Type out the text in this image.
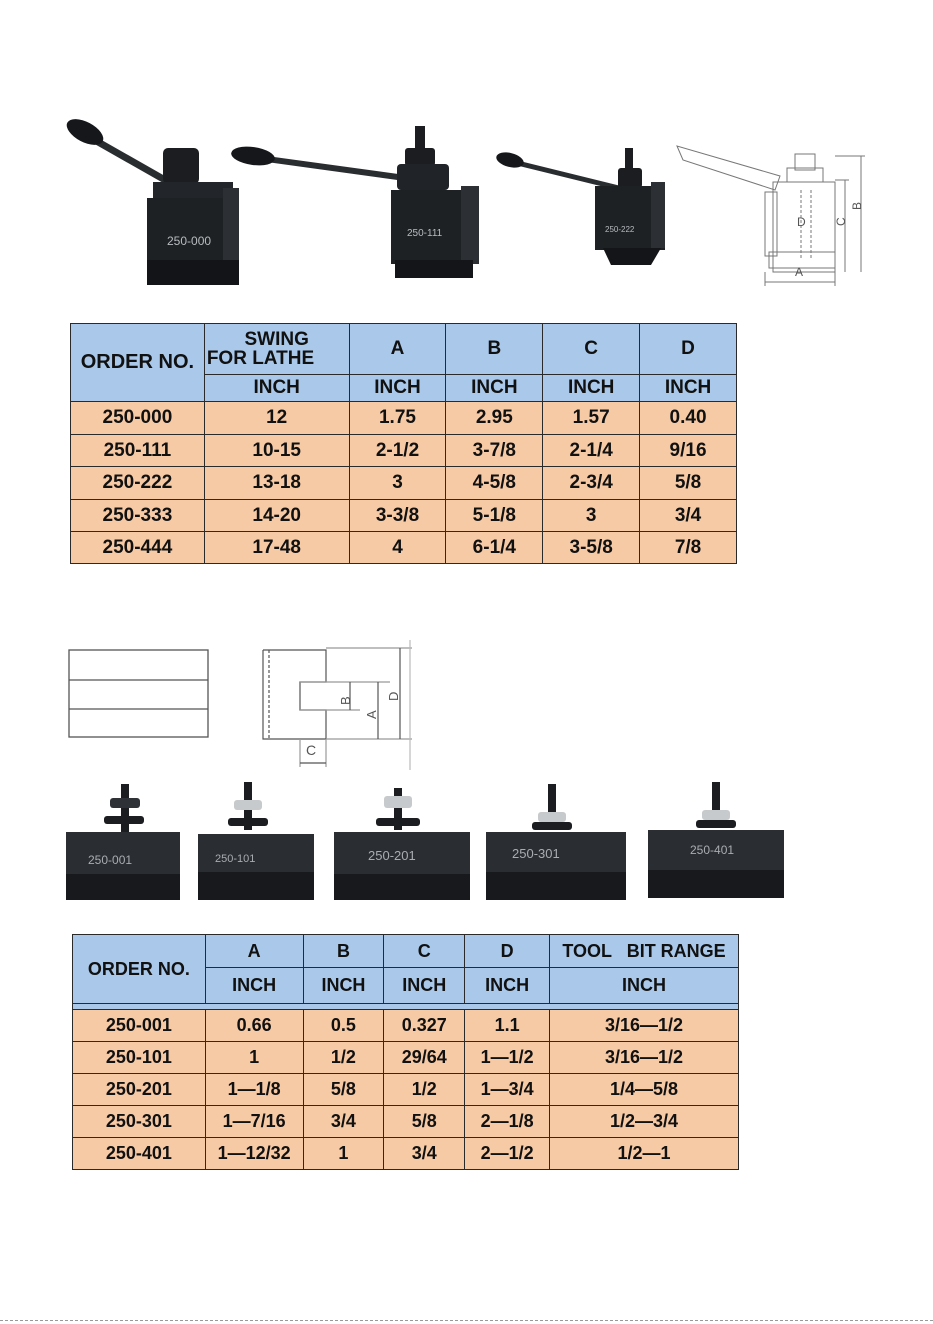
250-000
250-111	250-222
D C
B
A
ORDER NO.	SWING
FOR LATHE	A	B	C	D
	INCH	INCH	INCH	INCH	INCH
250-000	12	1.75	2.95	1.57	0.40
250-111	10-15	2-1/2	3-7/8	2-1/4	9/16
250-222	13-18	3	4-5/8	2-3/4	5/8
250-333	14-20	3-3/8	5-1/8	3	3/4
250-444	17-48	4	6-1/4	3-5/8	7/8
B
A
D
C
250-001	250-101	250-201	250-301	250-401
ORDER NO.	A	B	C	D	TOOL   BIT RANGE
	INCH	INCH	INCH	INCH	INCH

250-001	0.66	0.5	0.327	1.1	3/16—1/2
250-101	1	1/2	29/64	1—1/2	3/16—1/2
250-201	1—1/8	5/8	1/2	1—3/4	1/4—5/8
250-301	1—7/16	3/4	5/8	2—1/8	1/2—3/4
250-401	1—12/32	1	3/4	2—1/2	1/2—1
